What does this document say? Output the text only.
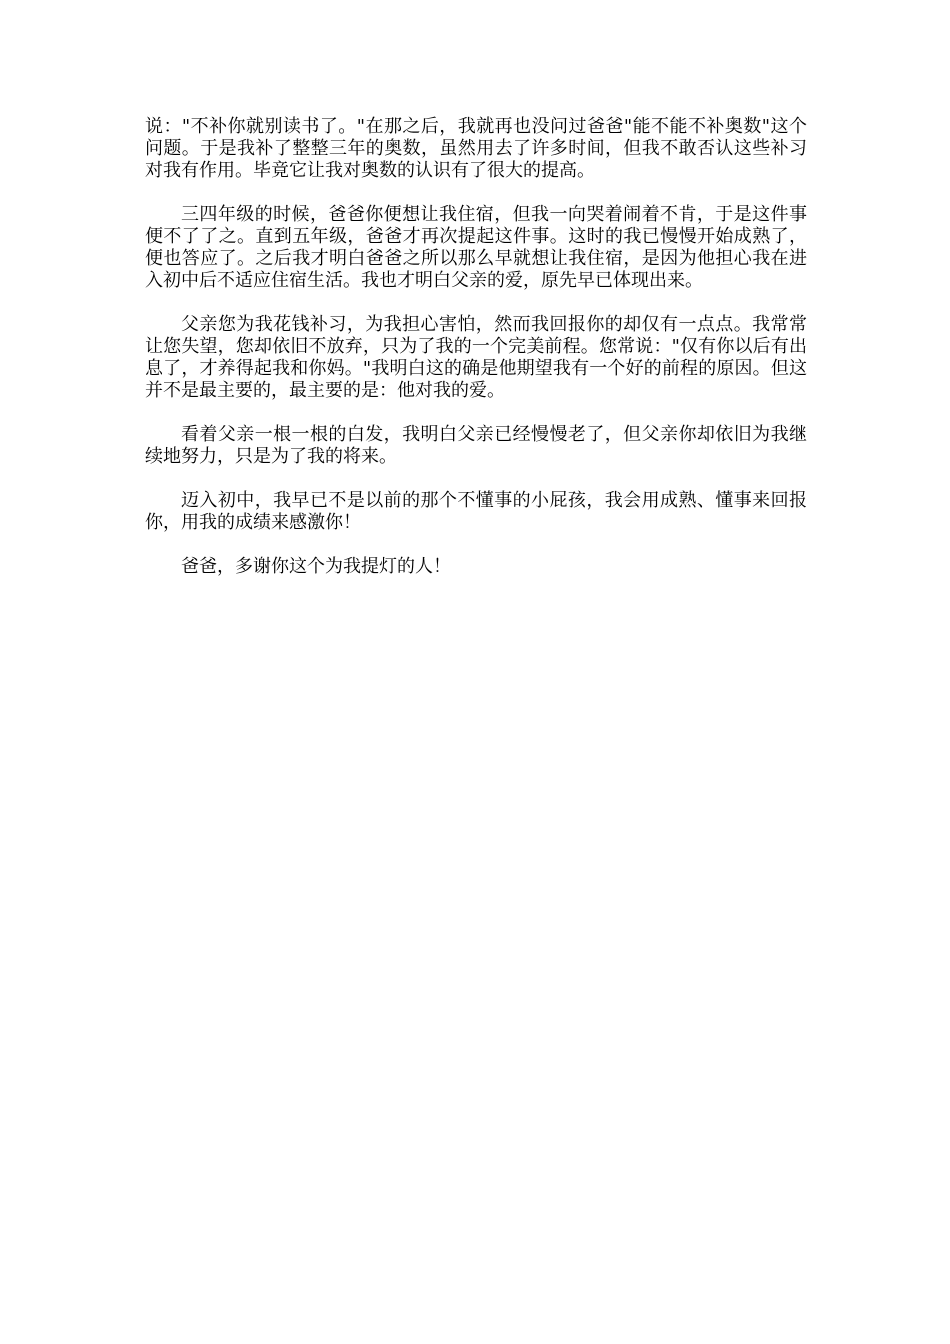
说："不补你就别读书了。"在那之后，我就再也没问过爸爸"能不能不补奥数"这个问题。于是我补了整整三年的奥数，虽然用去了许多时间，但我不敢否认这些补习对我有作用。毕竟它让我对奥数的认识有了很大的提高。

三四年级的时候，爸爸你便想让我住宿，但我一向哭着闹着不肯，于是这件事便不了了之。直到五年级，爸爸才再次提起这件事。这时的我已慢慢开始成熟了，便也答应了。之后我才明白爸爸之所以那么早就想让我住宿，是因为他担心我在进入初中后不适应住宿生活。我也才明白父亲的爱，原先早已体现出来。

父亲您为我花钱补习，为我担心害怕，然而我回报你的却仅有一点点。我常常让您失望，您却依旧不放弃，只为了我的一个完美前程。您常说："仅有你以后有出息了，才养得起我和你妈。"我明白这的确是他期望我有一个好的前程的原因。但这并不是最主要的，最主要的是：他对我的爱。

看着父亲一根一根的白发，我明白父亲已经慢慢老了，但父亲你却依旧为我继续地努力，只是为了我的将来。

迈入初中，我早已不是以前的那个不懂事的小屁孩，我会用成熟、懂事来回报你，用我的成绩来感激你！

爸爸，多谢你这个为我提灯的人！
